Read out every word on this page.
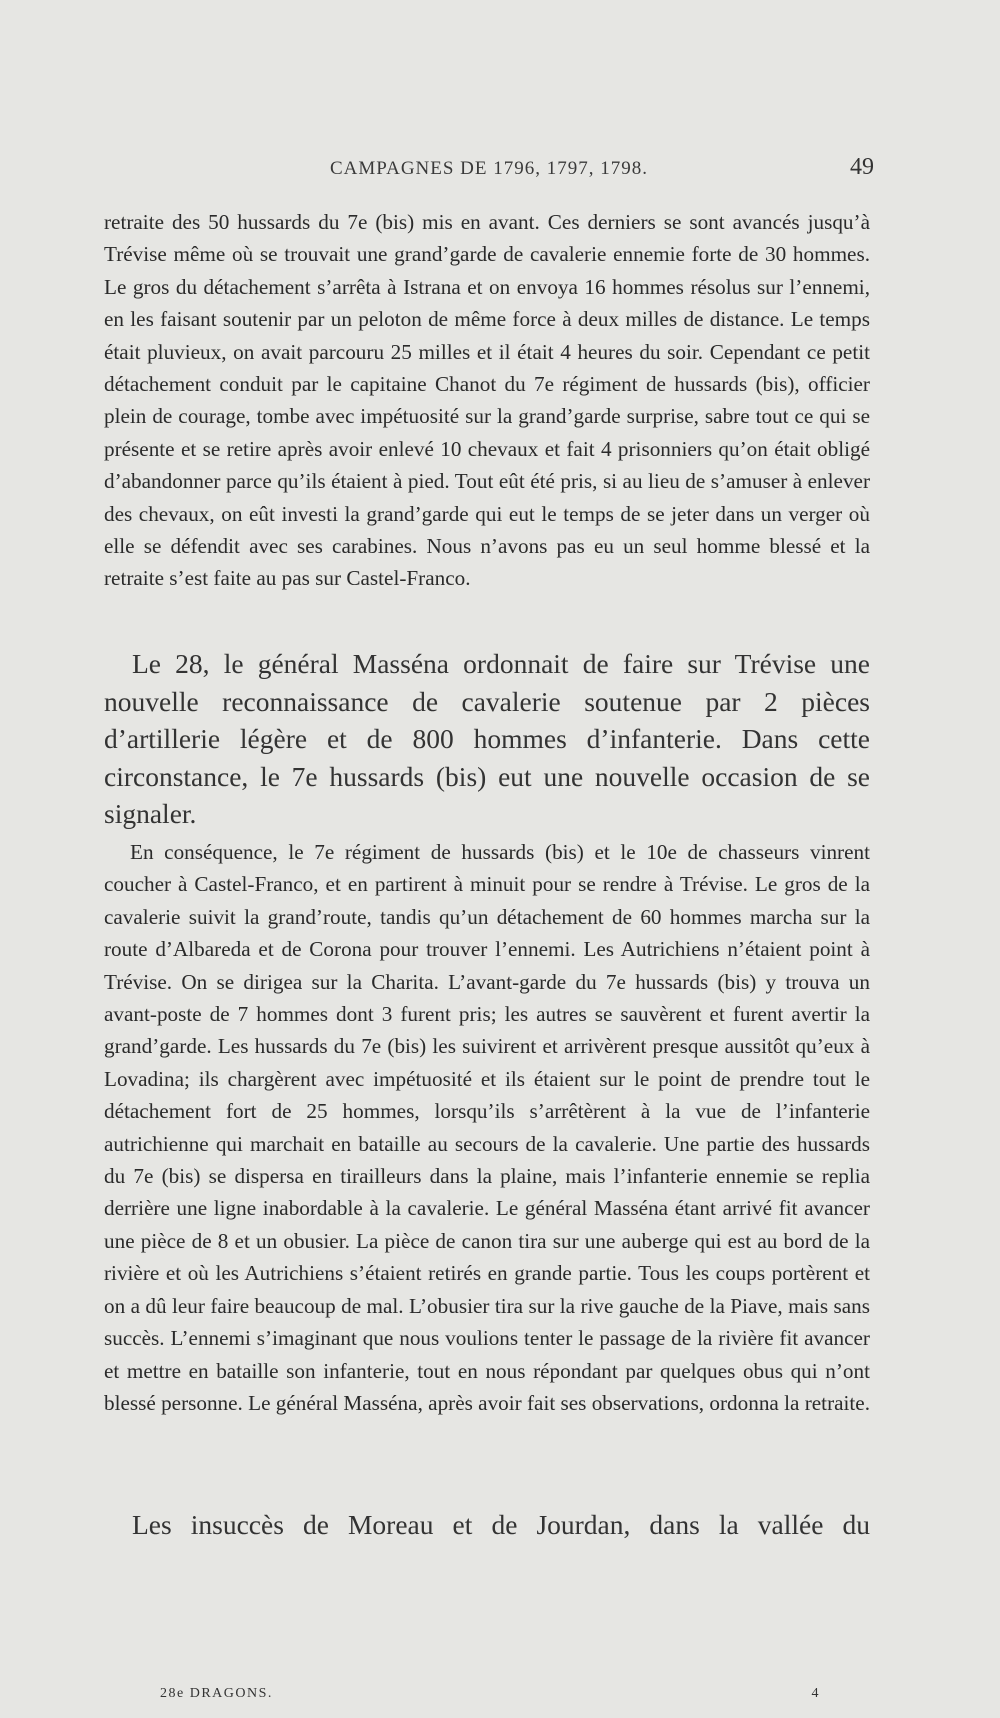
CAMPAGNES DE 1796, 1797, 1798.	49

retraite des 50 hussards du 7e (bis) mis en avant. Ces derniers se sont avancés jusqu’à Trévise même où se trouvait une grand’garde de cavalerie ennemie forte de 30 hommes. Le gros du détachement s’arrêta à Istrana et on envoya 16 hommes résolus sur l’ennemi, en les faisant soutenir par un peloton de même force à deux milles de distance. Le temps était pluvieux, on avait parcouru 25 milles et il était 4 heures du soir. Cependant ce petit détachement conduit par le capitaine Chanot du 7e régiment de hussards (bis), officier plein de courage, tombe avec impétuosité sur la grand’garde surprise, sabre tout ce qui se présente et se retire après avoir enlevé 10 chevaux et fait 4 prisonniers qu’on était obligé d’abandonner parce qu’ils étaient à pied. Tout eût été pris, si au lieu de s’amuser à enlever des chevaux, on eût investi la grand’garde qui eut le temps de se jeter dans un verger où elle se défendit avec ses carabines. Nous n’avons pas eu un seul homme blessé et la retraite s’est faite au pas sur Castel-Franco.

Le 28, le général Masséna ordonnait de faire sur Trévise une nouvelle reconnaissance de cavalerie soutenue par 2 pièces d’artillerie légère et de 800 hommes d’infanterie. Dans cette circonstance, le 7e hussards (bis) eut une nouvelle occasion de se signaler.

En conséquence, le 7e régiment de hussards (bis) et le 10e de chasseurs vinrent coucher à Castel-Franco, et en partirent à minuit pour se rendre à Trévise. Le gros de la cavalerie suivit la grand’route, tandis qu’un détachement de 60 hommes marcha sur la route d’Albareda et de Corona pour trouver l’ennemi. Les Autrichiens n’étaient point à Trévise. On se dirigea sur la Charita. L’avant-garde du 7e hussards (bis) y trouva un avant-poste de 7 hommes dont 3 furent pris; les autres se sauvèrent et furent avertir la grand’garde. Les hussards du 7e (bis) les suivirent et arrivèrent presque aussitôt qu’eux à Lovadina; ils chargèrent avec impétuosité et ils étaient sur le point de prendre tout le détachement fort de 25 hommes, lorsqu’ils s’arrêtèrent à la vue de l’infanterie autrichienne qui marchait en bataille au secours de la cavalerie. Une partie des hussards du 7e (bis) se dispersa en tirailleurs dans la plaine, mais l’infanterie ennemie se replia derrière une ligne inabordable à la cavalerie. Le général Masséna étant arrivé fit avancer une pièce de 8 et un obusier. La pièce de canon tira sur une auberge qui est au bord de la rivière et où les Autrichiens s’étaient retirés en grande partie. Tous les coups portèrent et on a dû leur faire beaucoup de mal. L’obusier tira sur la rive gauche de la Piave, mais sans succès. L’ennemi s’imaginant que nous voulions tenter le passage de la rivière fit avancer et mettre en bataille son infanterie, tout en nous répondant par quelques obus qui n’ont blessé personne. Le général Masséna, après avoir fait ses observations, ordonna la retraite.

Les insuccès de Moreau et de Jourdan, dans la vallée du

28e DRAGONS.	4
